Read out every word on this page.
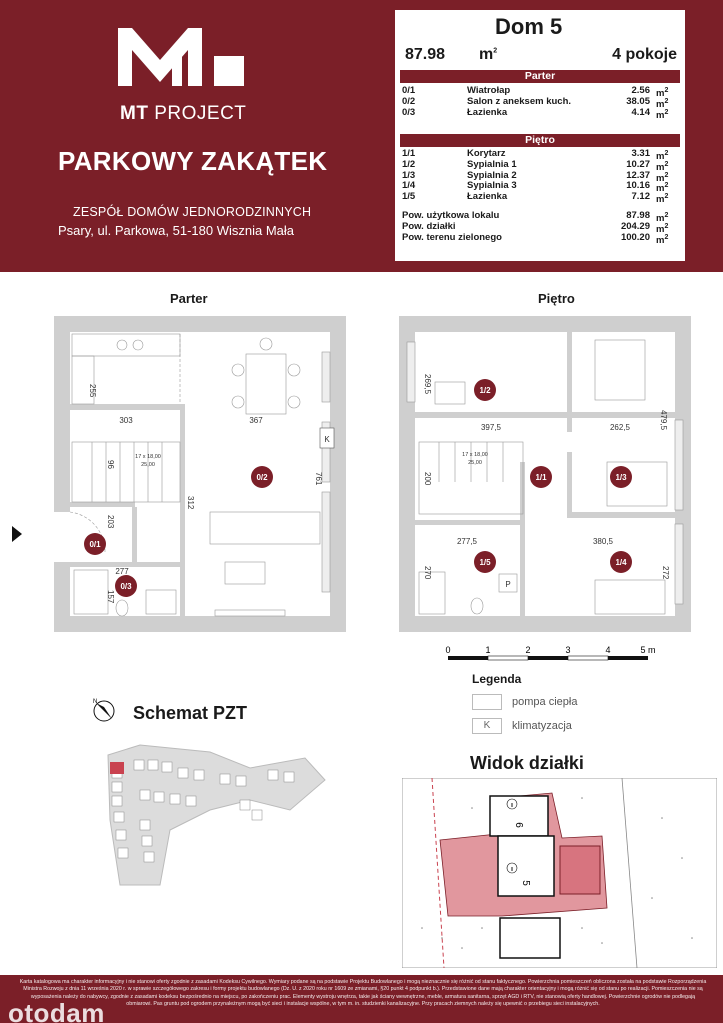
MT PROJECT
PARKOWY ZAKĄTEK
ZESPÓŁ DOMÓW JEDNORODZINNYCH
Psary, ul. Parkowa, 51-180 Wisznia Mała
Dom 5
87.98 $m^2$	4 pokoje
Parter
0/1	Wiatrołap	2.56 $m^2$
0/2	Salon z aneksem kuch.	38.05 $m^2$
0/3	Łazienka	4.14 $m^2$
Piętro
1/1	Korytarz	3.31 $m^2$
1/2	Sypialnia 1	10.27 $m^2$
1/3	Sypialnia 2	12.37 $m^2$
1/4	Sypialnia 3	10.16 $m^2$
1/5	Łazienka	7.12 $m^2$
Pow. użytkowa lokalu	87.98 $m^2$
Pow. działki	204.29 $m^2$
Pow. terenu zielonego	100.20 $m^2$
Parter	Piętro
K
17 x 18,00
25,00
255
303	367
96
312
761
203
277
157
0/1
0/2
0/3
17 x 18,00
25,00
P
269,5
397,5	262,5	479,5
200
277,5	380,5
270	272
1/1
1/2
1/3
1/4
1/5
0	1	2	3	4	5 m
Legenda
pompa ciepła
K	klimatyzacja
N
Schemat PZT
Widok działki
II
II
6
5
Karta katalogowa ma charakter informacyjny i nie stanowi oferty zgodnie z zasadami Kodeksu Cywilnego. Wymiary podane są na podstawie Projektu Budowlanego i mogą nieznacznie się różnić od stanu faktycznego. Powierzchnia pomieszczeń obliczona została na podstawie Rozporządzenia Ministra Rozwoju z dnia 11 września 2020 r. w sprawie szczegółowego zakresu i formy projektu budowlanego (Dz. U. z 2020 roku nr 1609 ze zmianami, §20 punkt 4 podpunkt b.). Przedstawione dane mają charakter orientacyjny i mogą różnić się od stanu po realizacji. Pomieszczenia nie są wyposażenia należy do nabywcy, zgodnie z zasadami kodeksu bezpośrednio na miejscu, po zakończeniu prac. Elementy wystroju wnętrza, takie jak ściany wewnętrzne, meble, armatura sanitarna, sprzęt AGD i RTV, nie stanowią oferty handlowej. Powierzchnie ogrodów nie podlegają obmiarowi. Pas gruntu pod ogrodem przynależnym mogą być sieci i instalacje wspólne, w tym m. in. studzienki kanalizacyjne. Przy pracach ziemnych należy się upewnić o przebiegu sieci instalacyjnych.
otodam
